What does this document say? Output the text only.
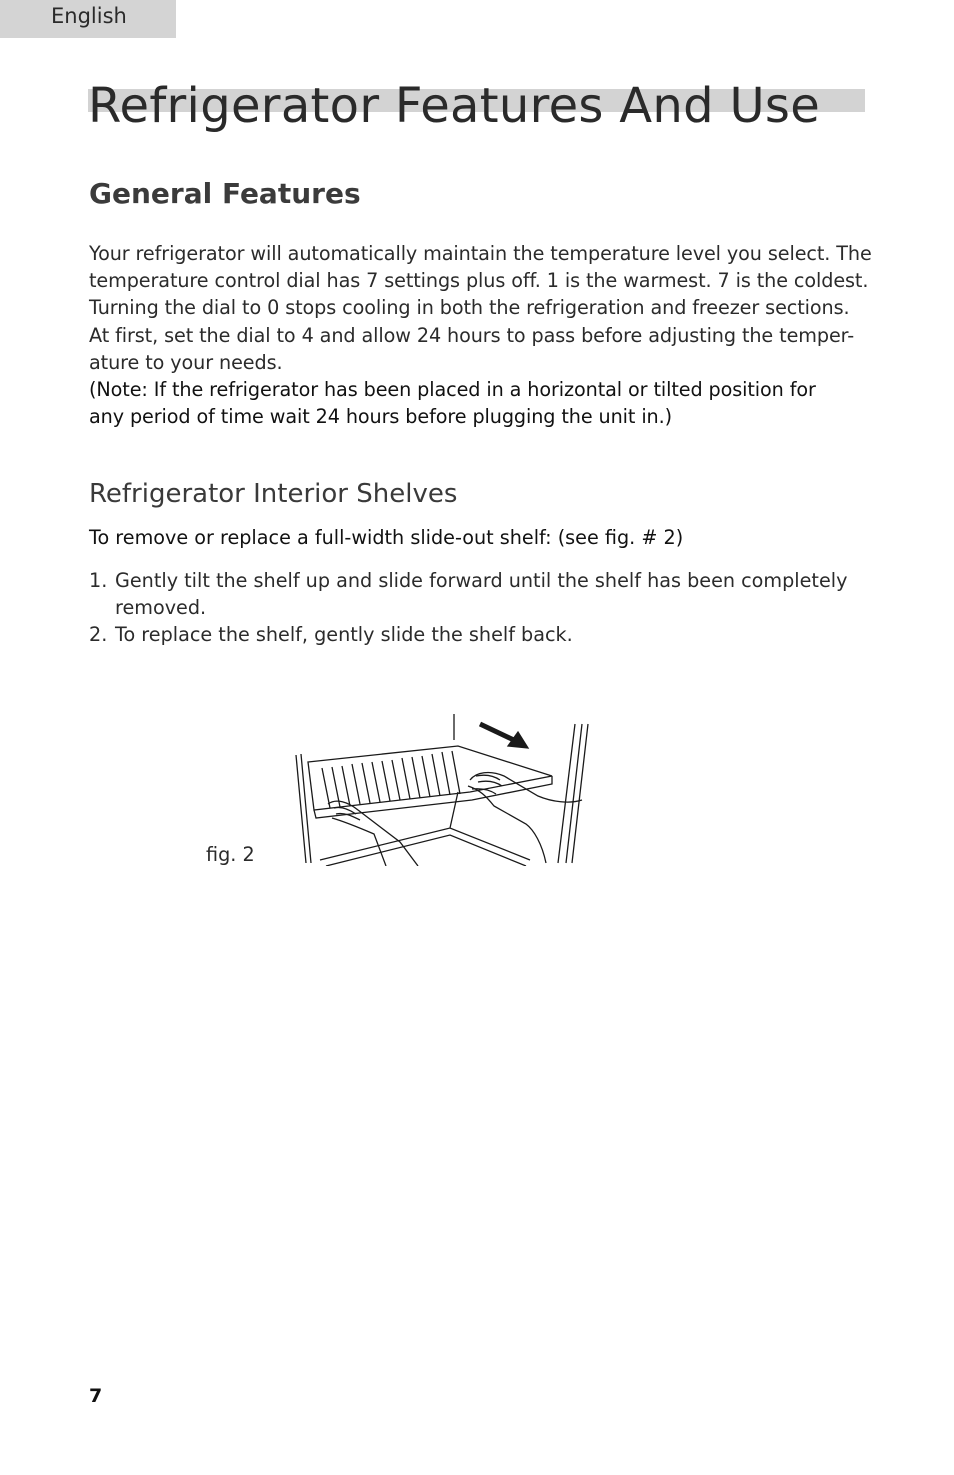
English
Refrigerator Features And Use
General Features

Your refrigerator will automatically maintain the temperature level you select. The
temperature control dial has 7 settings plus off. 1 is the warmest. 7 is the coldest.
Turning the dial to 0 stops cooling in both the refrigeration and freezer sections.
At first, set the dial to 4 and allow 24 hours to pass before adjusting the temper-
ature to your needs.
(Note: If the refrigerator has been placed in a horizontal or tilted position for
any period of time wait 24 hours before plugging the unit in.)

Refrigerator Interior Shelves

To remove or replace a full-width slide-out shelf: (see fig. # 2)

1. Gently tilt the shelf up and slide forward until the shelf has been completely
removed.
2. To replace the shelf, gently slide the shelf back.
fig. 2
7
